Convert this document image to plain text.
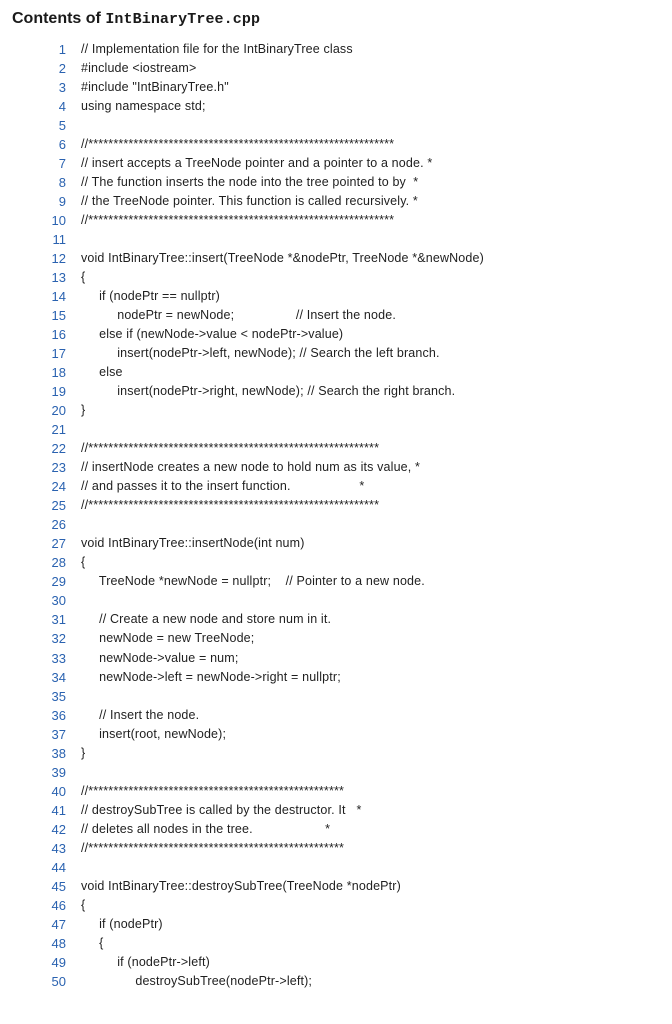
Contents of IntBinaryTree.cpp
1 // Implementation file for the IntBinaryTree class
2 #include <iostream>
3 #include "IntBinaryTree.h"
4 using namespace std;
5
6 //*************************************************************
7 // insert accepts a TreeNode pointer and a pointer to a node. *
8 // The function inserts the node into the tree pointed to by  *
9 // the TreeNode pointer. This function is called recursively. *
10 //*************************************************************
11
12 void IntBinaryTree::insert(TreeNode *&nodePtr, TreeNode *&newNode)
13 {
14 if (nodePtr == nullptr)
15 nodePtr = newNode;                 // Insert the node.
16 else if (newNode->value < nodePtr->value)
17 insert(nodePtr->left, newNode); // Search the left branch.
18 else
19 insert(nodePtr->right, newNode); // Search the right branch.
20 }
21
22 //**********************************************************
23 // insertNode creates a new node to hold num as its value, *
24 // and passes it to the insert function.                   *
25 //**********************************************************
26
27 void IntBinaryTree::insertNode(int num)
28 {
29 TreeNode *newNode = nullptr;    // Pointer to a new node.
30
31 // Create a new node and store num in it.
32 newNode = new TreeNode;
33 newNode->value = num;
34 newNode->left = newNode->right = nullptr;
35
36 // Insert the node.
37 insert(root, newNode);
38 }
39
40 //***************************************************
41 // destroySubTree is called by the destructor. It   *
42 // deletes all nodes in the tree.                    *
43 //***************************************************
44
45 void IntBinaryTree::destroySubTree(TreeNode *nodePtr)
46 {
47 if (nodePtr)
48 {
49 if (nodePtr->left)
50 destroySubTree(nodePtr->left);
